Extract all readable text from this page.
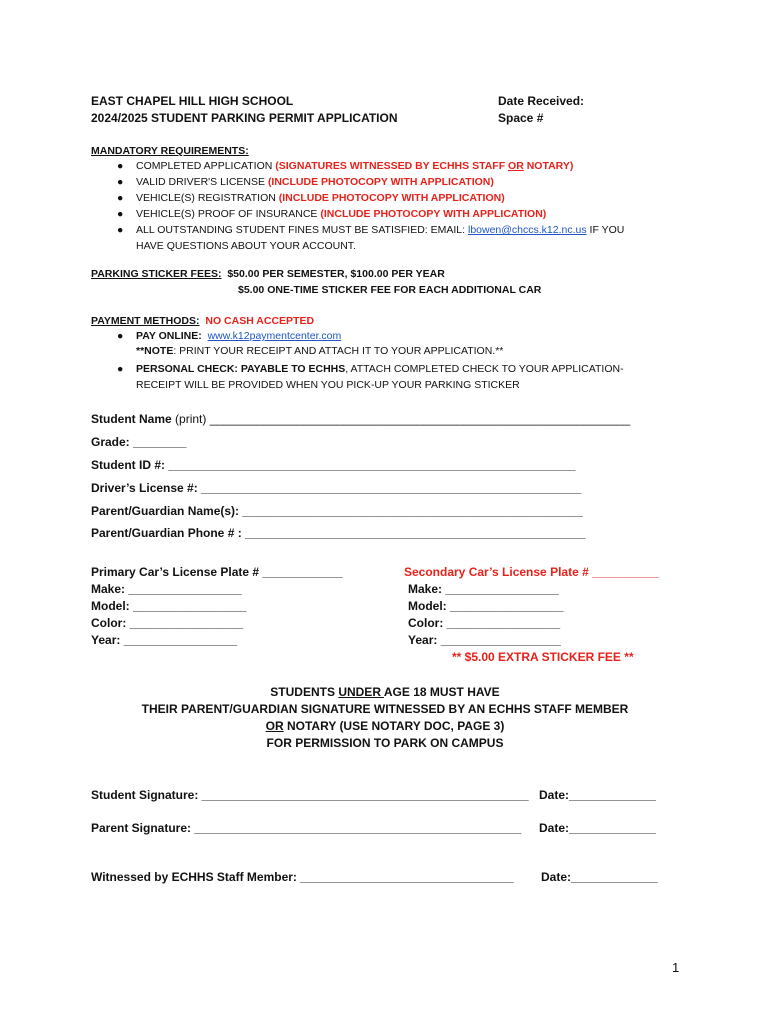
EAST CHAPEL HILL HIGH SCHOOL
2024/2025 STUDENT PARKING PERMIT APPLICATION
Date Received:
Space #
MANDATORY REQUIREMENTS:
● COMPLETED APPLICATION (SIGNATURES WITNESSED BY ECHHS STAFF OR NOTARY)
● VALID DRIVER'S LICENSE (INCLUDE PHOTOCOPY WITH APPLICATION)
● VEHICLE(S) REGISTRATION (INCLUDE PHOTOCOPY WITH APPLICATION)
● VEHICLE(S) PROOF OF INSURANCE (INCLUDE PHOTOCOPY WITH APPLICATION)
● ALL OUTSTANDING STUDENT FINES MUST BE SATISFIED: EMAIL: lbowen@chccs.k12.nc.us IF YOU
HAVE QUESTIONS ABOUT YOUR ACCOUNT.
PARKING STICKER FEES: $50.00 PER SEMESTER, $100.00 PER YEAR
$5.00 ONE-TIME STICKER FEE FOR EACH ADDITIONAL CAR
PAYMENT METHODS: NO CASH ACCEPTED
● PAY ONLINE: www.k12paymentcenter.com
**NOTE: PRINT YOUR RECEIPT AND ATTACH IT TO YOUR APPLICATION.**
● PERSONAL CHECK: PAYABLE TO ECHHS, ATTACH COMPLETED CHECK TO YOUR APPLICATION-
RECEIPT WILL BE PROVIDED WHEN YOU PICK-UP YOUR PARKING STICKER
Student Name (print) _______________________________________________________________
Grade: ________
Student ID #: _____________________________________________________________
Driver’s License #: _________________________________________________________
Parent/Guardian Name(s): ___________________________________________________
Parent/Guardian Phone # : ___________________________________________________
Primary Car’s License Plate # ____________
Make: _________________
Model: _________________
Color: _________________
Year: _________________
Secondary Car’s License Plate # __________
Make: _________________
Model: _________________
Color: _________________
Year: __________________
** $5.00 EXTRA STICKER FEE **
STUDENTS UNDER AGE 18 MUST HAVE
THEIR PARENT/GUARDIAN SIGNATURE WITNESSED BY AN ECHHS STAFF MEMBER
OR NOTARY (USE NOTARY DOC, PAGE 3)
FOR PERMISSION TO PARK ON CAMPUS
Student Signature: _________________________________________________ Date:_____________
Parent Signature: _________________________________________________ Date:_____________
Witnessed by ECHHS Staff Member: ________________________________ Date:_____________
1
